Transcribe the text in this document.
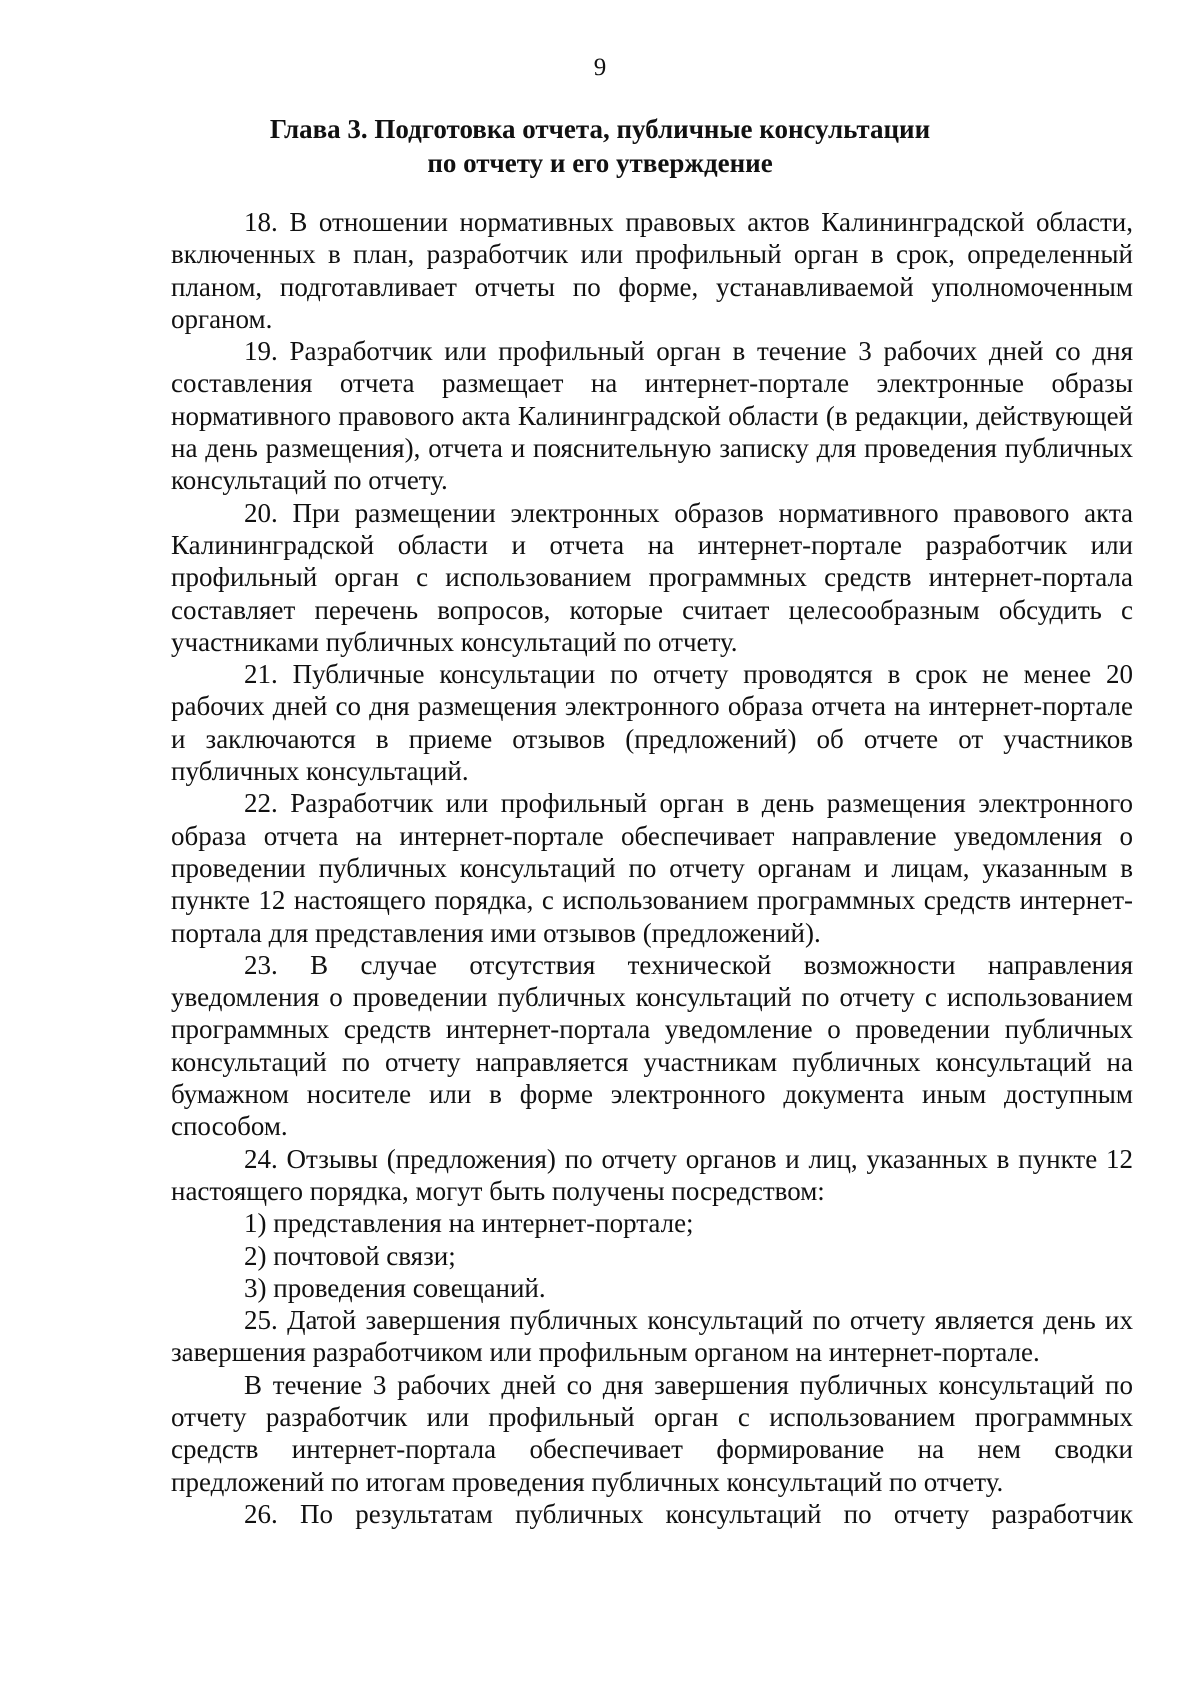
9
Глава 3. Подготовка отчета, публичные консультации
по отчету и его утверждение

18. В отношении нормативных правовых актов Калининградской области, включенных в план, разработчик или профильный орган в срок, определенный планом, подготавливает отчеты по форме, устанавливаемой уполномоченным органом.

19. Разработчик или профильный орган в течение 3 рабочих дней со дня составления отчета размещает на интернет-портале электронные образы нормативного правового акта Калининградской области (в редакции, действующей на день размещения), отчета и пояснительную записку для проведения публичных консультаций по отчету.

20. При размещении электронных образов нормативного правового акта Калининградской области и отчета на интернет-портале разработчик или профильный орган с использованием программных средств интернет-портала составляет перечень вопросов, которые считает целесообразным обсудить с участниками публичных консультаций по отчету.

21. Публичные консультации по отчету проводятся в срок не менее 20 рабочих дней со дня размещения электронного образа отчета на интернет-портале и заключаются в приеме отзывов (предложений) об отчете от участников публичных консультаций.

22. Разработчик или профильный орган в день размещения электронного образа отчета на интернет-портале обеспечивает направление уведомления о проведении публичных консультаций по отчету органам и лицам, указанным в пункте 12 настоящего порядка, с использованием программных средств интернет-портала для представления ими отзывов (предложений).

23. В случае отсутствия технической возможности направления уведомления о проведении публичных консультаций по отчету с использованием программных средств интернет-портала уведомление о проведении публичных консультаций по отчету направляется участникам публичных консультаций на бумажном носителе или в форме электронного документа иным доступным способом.

24. Отзывы (предложения) по отчету органов и лиц, указанных в пункте 12 настоящего порядка, могут быть получены посредством:

1) представления на интернет-портале;

2) почтовой связи;

3) проведения совещаний.

25. Датой завершения публичных консультаций по отчету является день их завершения разработчиком или профильным органом на интернет-портале.

В течение 3 рабочих дней со дня завершения публичных консультаций по отчету разработчик или профильный орган с использованием программных средств интернет-портала обеспечивает формирование на нем сводки предложений по итогам проведения публичных консультаций по отчету.

26. По результатам публичных консультаций по отчету разработчик
